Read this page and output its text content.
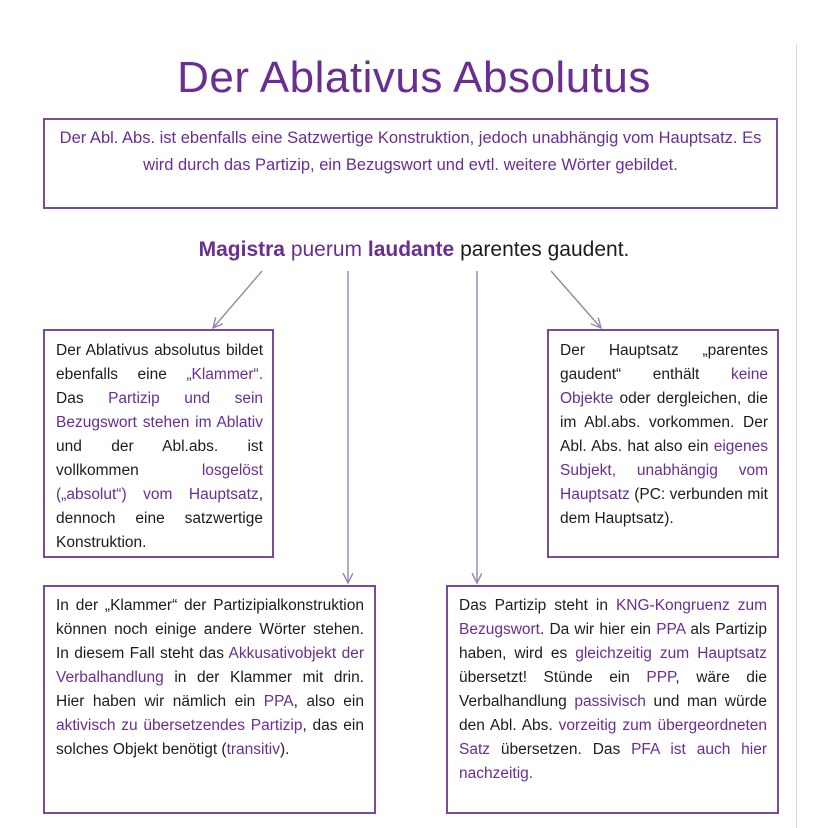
Der Ablativus Absolutus
Der Abl. Abs. ist ebenfalls eine Satzwertige Konstruktion, jedoch unabhängig vom Hauptsatz. Es wird durch das Partizip, ein Bezugswort und evtl. weitere Wörter gebildet.
Magistra puerum laudante parentes gaudent.
Der Ablativus absolutus bildet ebenfalls eine „Klammer“. Das Partizip und sein Bezugswort stehen im Ablativ und der Abl.abs. ist vollkommen losgelöst („absolut“) vom Hauptsatz, dennoch eine satzwertige Konstruktion.
Der Hauptsatz „parentes gaudent“ enthält keine Objekte oder dergleichen, die im Abl.abs. vorkommen. Der Abl. Abs. hat also ein eigenes Subjekt, unabhängig vom Hauptsatz (PC: verbunden mit dem Hauptsatz).
In der „Klammer“ der Partizipialkonstruktion können noch einige andere Wörter stehen. In diesem Fall steht das Akkusativobjekt der Verbalhandlung in der Klammer mit drin. Hier haben wir nämlich ein PPA, also ein aktivisch zu übersetzendes Partizip, das ein solches Objekt benötigt (transitiv).
Das Partizip steht in KNG-Kongruenz zum Bezugswort. Da wir hier ein PPA als Partizip haben, wird es gleichzeitig zum Hauptsatz übersetzt! Stünde ein PPP, wäre die Verbalhandlung passivisch und man würde den Abl. Abs. vorzeitig zum übergeordneten Satz übersetzen. Das PFA ist auch hier nachzeitig.
